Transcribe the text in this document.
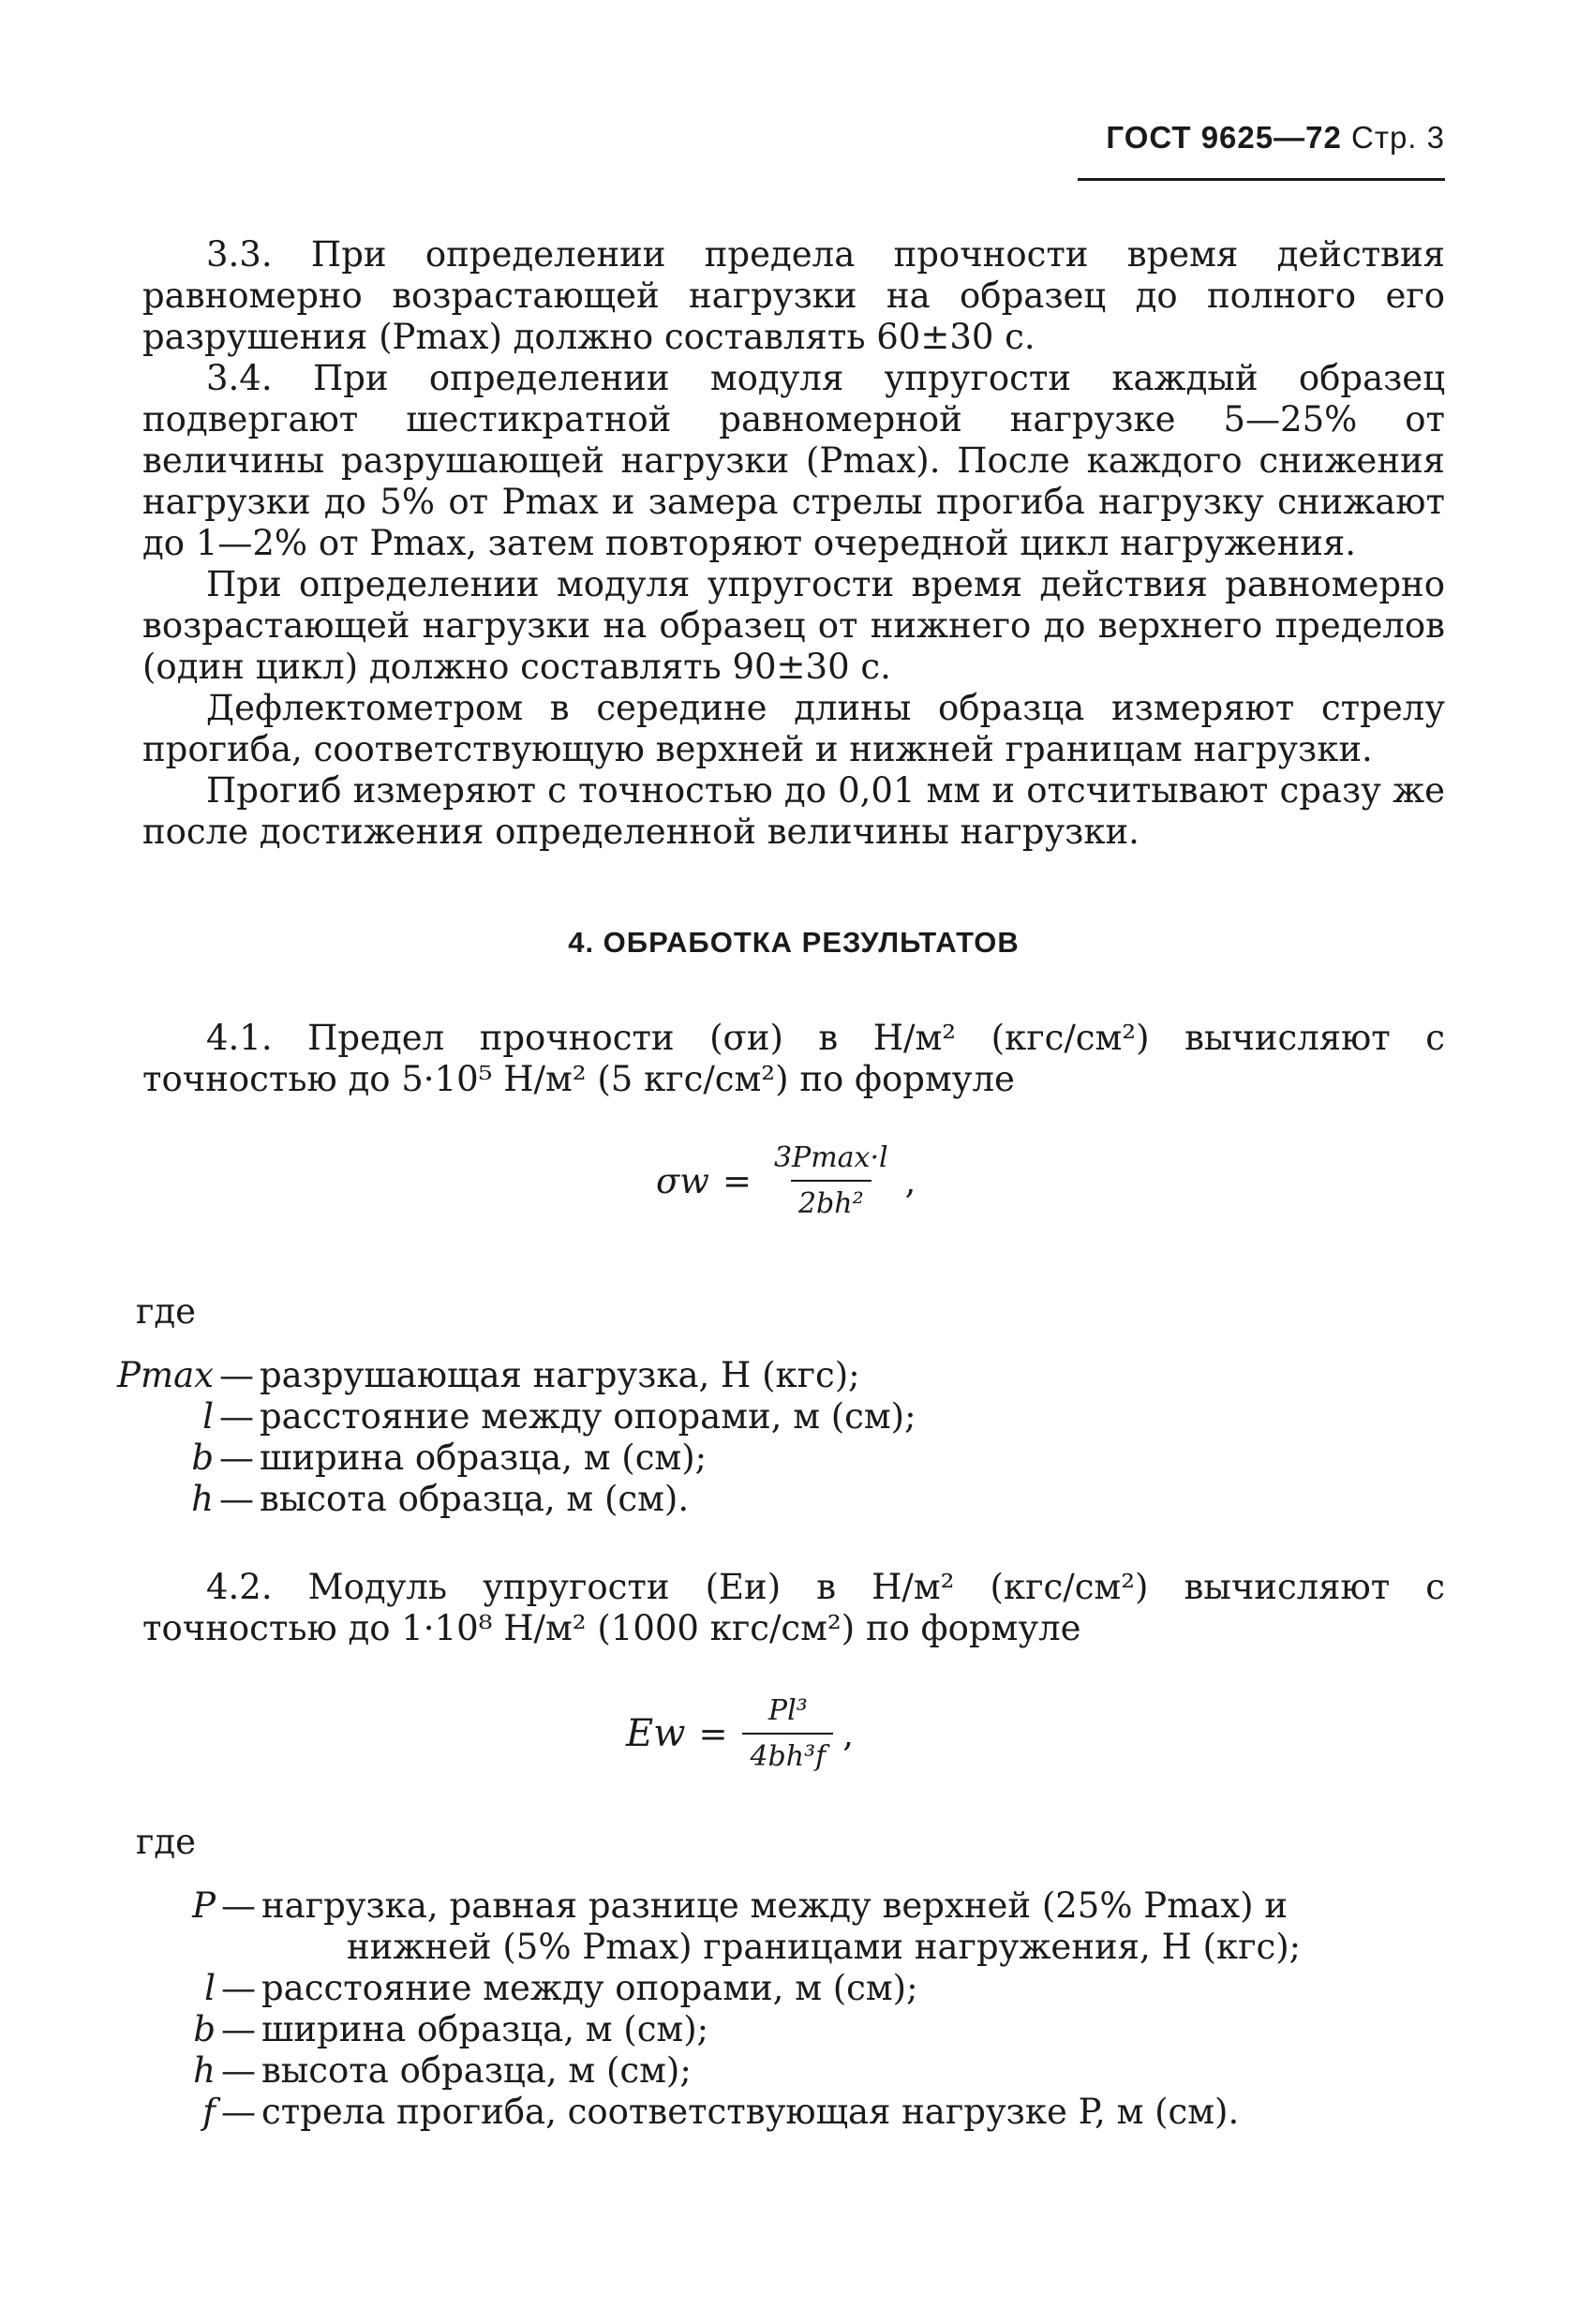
ГОСТ 9625—72 Стр. 3

3.3. При определении предела прочности время действия равномерно возрастающей нагрузки на образец до полного его разрушения (Pmax) должно составлять 60±30 с.

3.4. При определении модуля упругости каждый образец подвергают шестикратной равномерной нагрузке 5—25% от величины разрушающей нагрузки (Pmax). После каждого снижения нагрузки до 5% от Pmax и замера стрелы прогиба нагрузку снижают до 1—2% от Pmax, затем повторяют очередной цикл нагружения.

При определении модуля упругости время действия равномерно возрастающей нагрузки на образец от нижнего до верхнего пределов (один цикл) должно составлять 90±30 с.

Дефлектометром в середине длины образца измеряют стрелу прогиба, соответствующую верхней и нижней границам нагрузки.

Прогиб измеряют с точностью до 0,01 мм и отсчитывают сразу же после достижения определенной величины нагрузки.

4. ОБРАБОТКА РЕЗУЛЬТАТОВ

4.1. Предел прочности (σи) в Н/м² (кгс/см²) вычисляют с точностью до 5·10⁵ Н/м² (5 кгс/см²) по формуле

$\sigma w = \frac{3Pmax\cdot l}{\text{2bh²}}$ ,
где
Pmax — разрушающая нагрузка, Н (кгс);
l — расстояние между опорами, м (см);
b — ширина образца, м (см);
h — высота образца, м (см).

4.2. Модуль упругости (Eи) в Н/м² (кгс/см²) вычисляют с точностью до 1·10⁸ Н/м² (1000 кгс/см²) по формуле

$Ew = \frac{\text{Pl³}}{\text{4bh³f}}$ ,
где
P — нагрузка, равная разнице между верхней (25% Pmax) и
нижней (5% Pmax) границами нагружения, Н (кгс);
l — расстояние между опорами, м (см);
b — ширина образца, м (см);
h — высота образца, м (см);
f — стрела прогиба, соответствующая нагрузке P, м (см).
